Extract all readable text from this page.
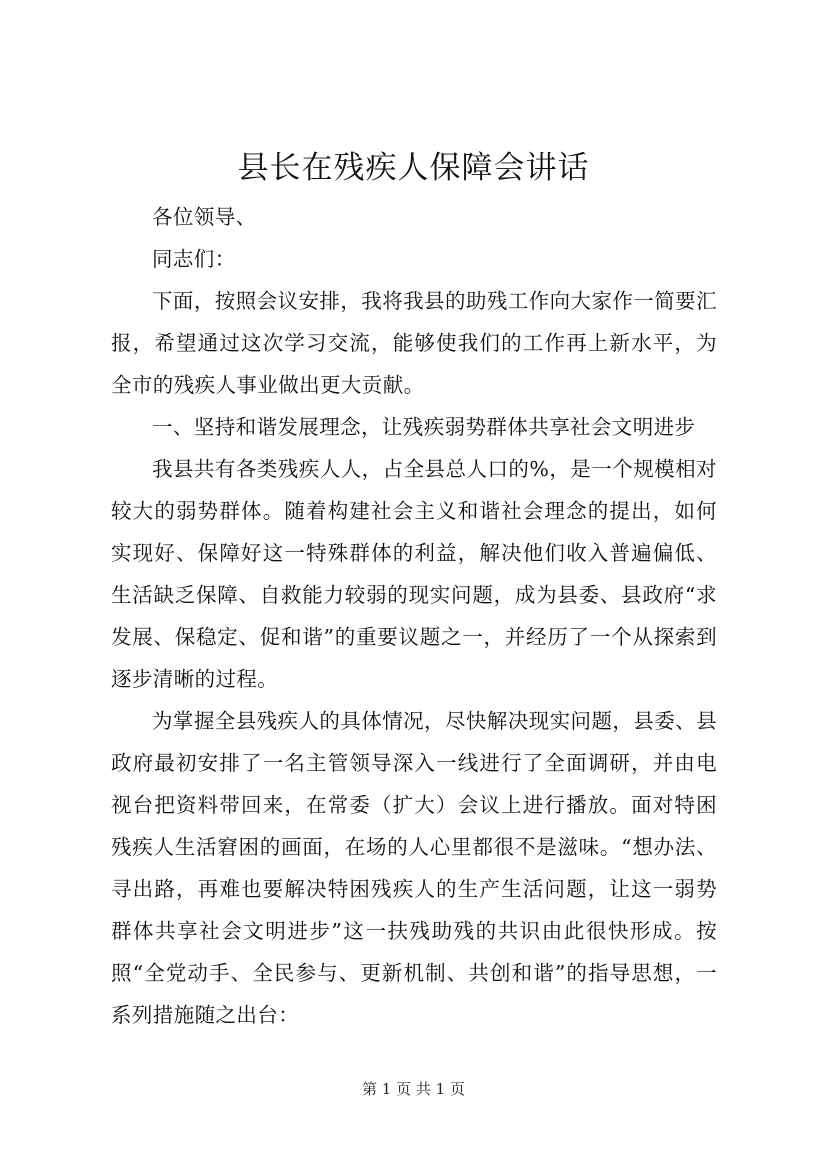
县长在残疾人保障会讲话

各位领导、

同志们：

下面，按照会议安排，我将我县的助残工作向大家作一简要汇报，希望通过这次学习交流，能够使我们的工作再上新水平，为全市的残疾人事业做出更大贡献。

一、坚持和谐发展理念，让残疾弱势群体共享社会文明进步

我县共有各类残疾人人，占全县总人口的%，是一个规模相对较大的弱势群体。随着构建社会主义和谐社会理念的提出，如何实现好、保障好这一特殊群体的利益，解决他们收入普遍偏低、生活缺乏保障、自救能力较弱的现实问题，成为县委、县政府“求发展、保稳定、促和谐”的重要议题之一，并经历了一个从探索到逐步清晰的过程。

为掌握全县残疾人的具体情况，尽快解决现实问题，县委、县政府最初安排了一名主管领导深入一线进行了全面调研，并由电视台把资料带回来，在常委（扩大）会议上进行播放。面对特困残疾人生活窘困的画面，在场的人心里都很不是滋味。“想办法、寻出路，再难也要解决特困残疾人的生产生活问题，让这一弱势群体共享社会文明进步”这一扶残助残的共识由此很快形成。按照“全党动手、全民参与、更新机制、共创和谐”的指导思想，一系列措施随之出台：

第 1 页 共 1 页
